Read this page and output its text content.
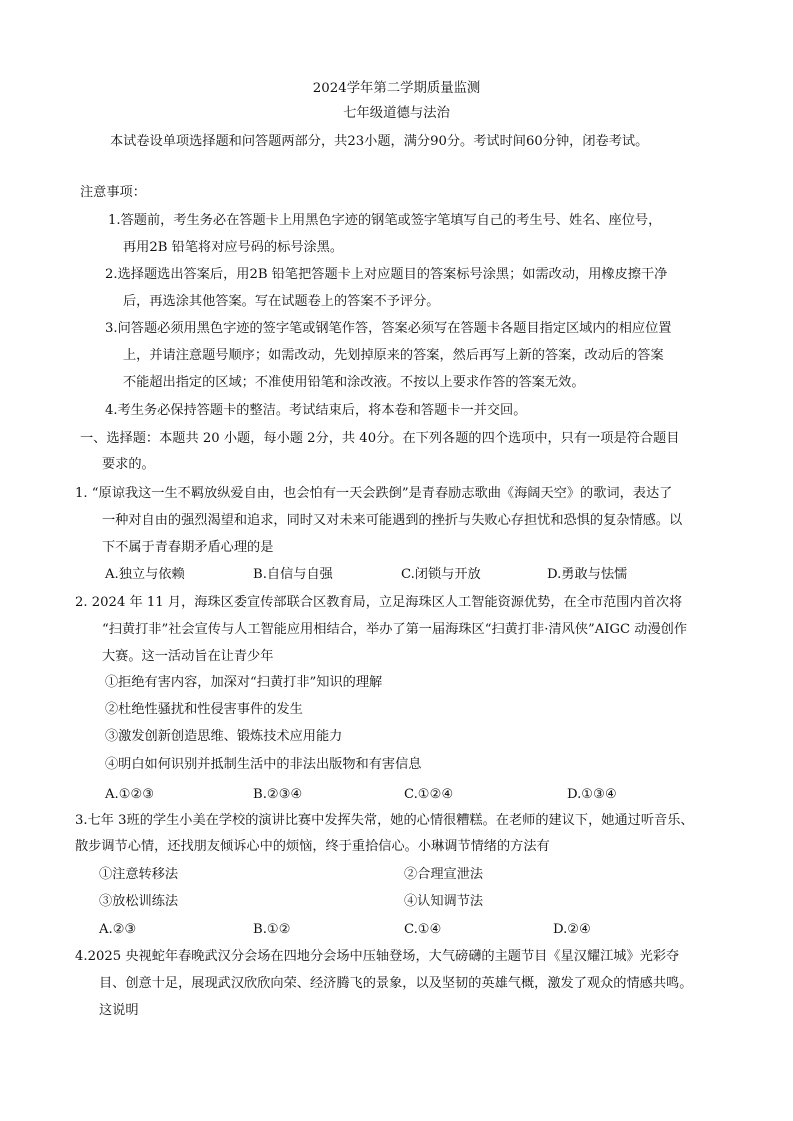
2024学年第二学期质量监测
七年级道德与法治
本试卷设单项选择题和问答题两部分，共23小题，满分90分。考试时间60分钟，闭卷考试。
注意事项：
1.答题前，考生务必在答题卡上用黑色字迹的钢笔或签字笔填写自己的考生号、姓名、座位号，
再用2B 铅笔将对应号码的标号涂黑。
2.选择题选出答案后，用2B 铅笔把答题卡上对应题目的答案标号涂黑；如需改动，用橡皮擦干净
后，再选涂其他答案。写在试题卷上的答案不予评分。
3.问答题必须用黑色字迹的签字笔或钢笔作答，答案必须写在答题卡各题目指定区域内的相应位置
上，并请注意题号顺序；如需改动，先划掉原来的答案，然后再写上新的答案，改动后的答案
不能超出指定的区域；不准使用铅笔和涂改液。不按以上要求作答的答案无效。
4.考生务必保持答题卡的整洁。考试结束后，将本卷和答题卡一并交回。
一、选择题：本题共 20 小题，每小题 2分，共 40分。在下列各题的四个选项中，只有一项是符合题目
要求的。
1. “原谅我这一生不羁放纵爱自由，也会怕有一天会跌倒”是青春励志歌曲《海阔天空》的歌词，表达了
一种对自由的强烈渴望和追求，同时又对未来可能遇到的挫折与失败心存担忧和恐惧的复杂情感。以
下不属于青春期矛盾心理的是
A.独立与依赖	B.自信与自强	C.闭锁与开放	D.勇敢与怯懦
2. 2024 年 11 月，海珠区委宣传部联合区教育局，立足海珠区人工智能资源优势，在全市范围内首次将
“扫黄打非”社会宣传与人工智能应用相结合，举办了第一届海珠区“扫黄打非·清风侠”AIGC 动漫创作
大赛。这一活动旨在让青少年
①拒绝有害内容，加深对“扫黄打非”知识的理解
②杜绝性骚扰和性侵害事件的发生
③激发创新创造思维、锻炼技术应用能力
④明白如何识别并抵制生活中的非法出版物和有害信息
A.①②③	B.②③④	C.①②④	D.①③④
3.七年 3班的学生小美在学校的演讲比赛中发挥失常，她的心情很糟糕。在老师的建议下，她通过听音乐、
散步调节心情，还找朋友倾诉心中的烦恼，终于重拾信心。小琳调节情绪的方法有
①注意转移法	②合理宣泄法
③放松训练法	④认知调节法
A.②③	B.①②	C.①④	D.②④
4.2025 央视蛇年春晚武汉分会场在四地分会场中压轴登场，大气磅礴的主题节目《星汉耀江城》光彩夺
目、创意十足，展现武汉欣欣向荣、经济腾飞的景象，以及坚韧的英雄气概，激发了观众的情感共鸣。
这说明
